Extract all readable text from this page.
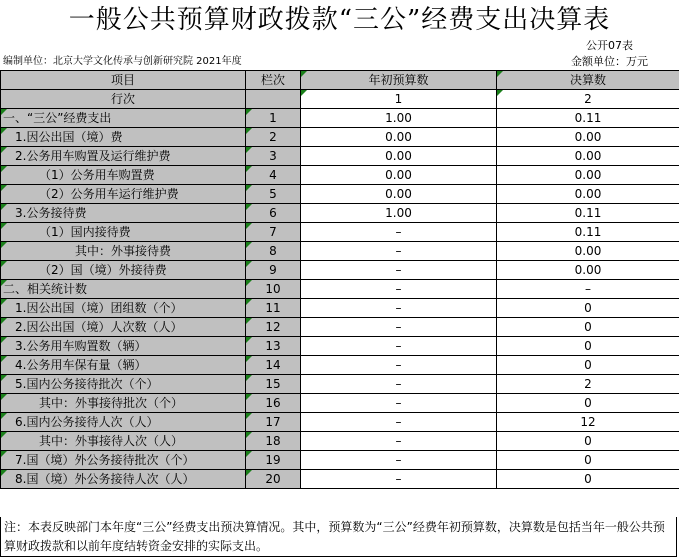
一般公共预算财政拨款“三公”经费支出决算表
公开07表
编制单位：北京大学文化传承与创新研究院 2021年度	金额单位：万元
项目	栏次	年初预算数	决算数
行次		1	2
一、“三公”经费支出	1	1.00	0.11
1.因公出国（境）费	2	0.00	0.00
2.公务用车购置及运行维护费	3	0.00	0.00
（1）公务用车购置费	4	0.00	0.00
（2）公务用车运行维护费	5	0.00	0.00
3.公务接待费	6	1.00	0.11
（1）国内接待费	7	–	0.11
其中：外事接待费	8	–	0.00
（2）国（境）外接待费	9	–	0.00
二、相关统计数	10	–	–
1.因公出国（境）团组数（个）	11	–	0
2.因公出国（境）人次数（人）	12	–	0
3.公务用车购置数（辆）	13	–	0
4.公务用车保有量（辆）	14	–	0
5.国内公务接待批次（个）	15	–	2
其中：外事接待批次（个）	16	–	0
6.国内公务接待人次（人）	17	–	12
其中：外事接待人次（人）	18	–	0
7.国（境）外公务接待批次（个）	19	–	0
8.国（境）外公务接待人次（人）	20	–	0
注：本表反映部门本年度“三公”经费支出预决算情况。其中，预算数为“三公”经费年初预算数，决算数是包括当年一般公共预算财政拨款和以前年度结转资金安排的实际支出。
